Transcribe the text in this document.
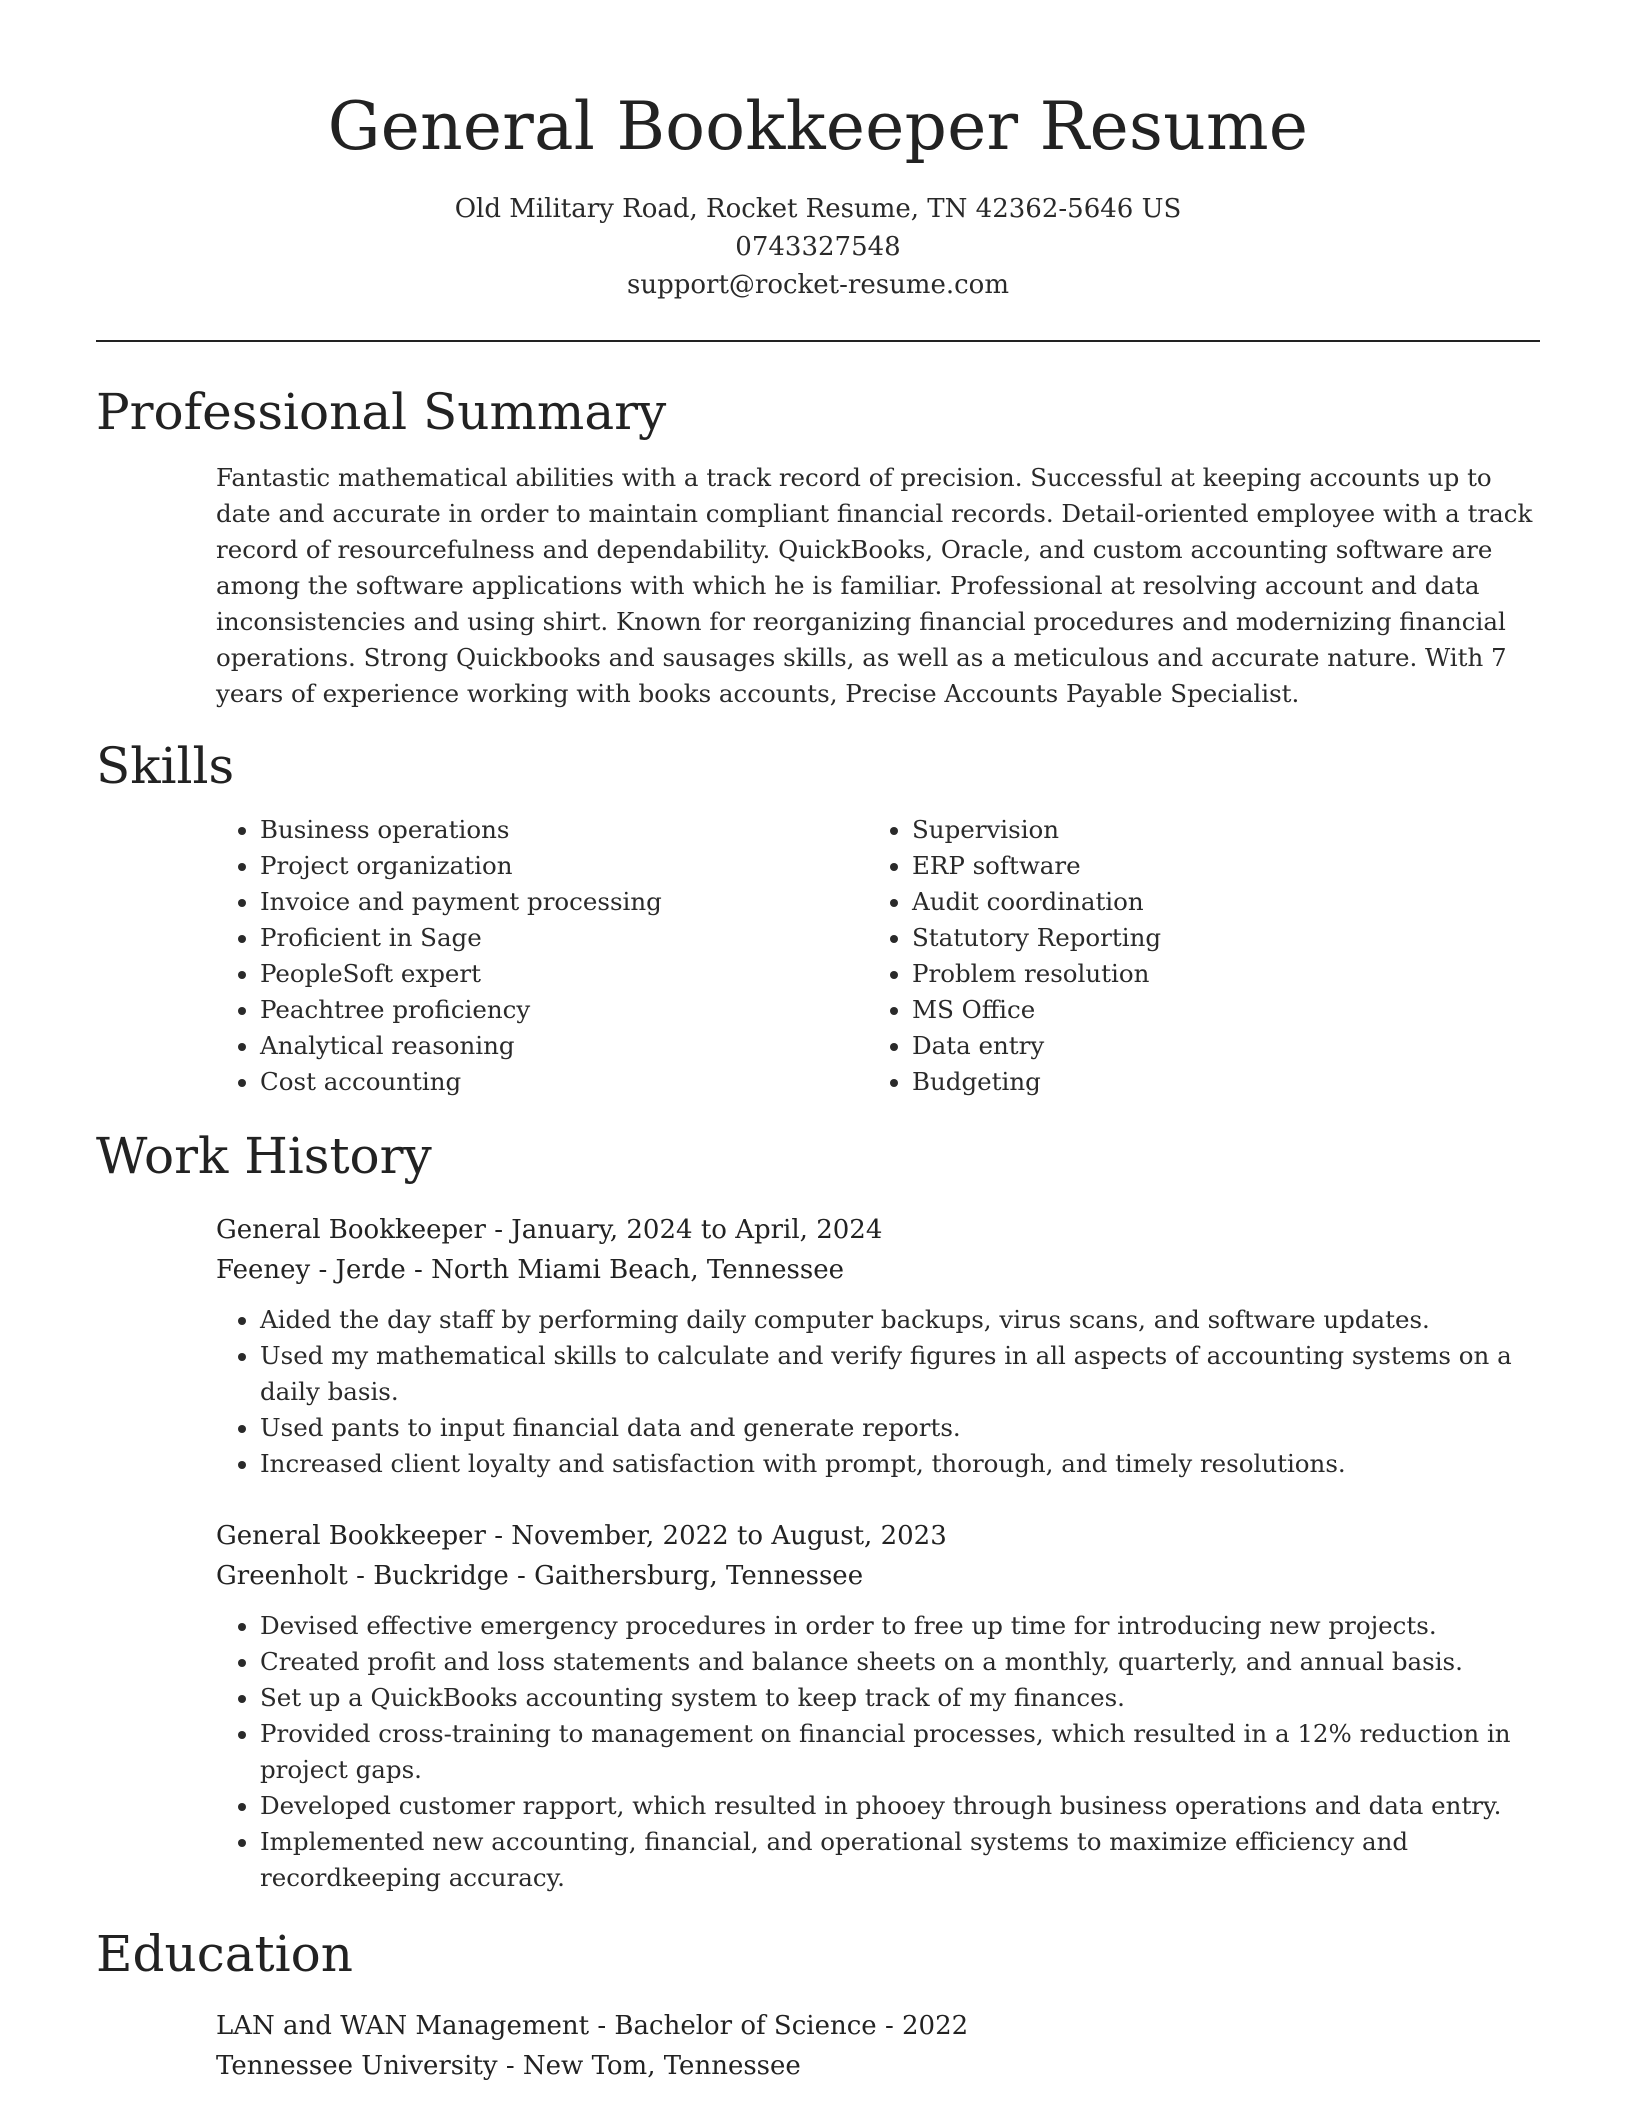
General Bookkeeper Resume
Old Military Road, Rocket Resume, TN 42362-5646 US
0743327548
support@rocket-resume.com
Professional Summary

Fantastic mathematical abilities with a track record of precision. Successful at keeping accounts up to date and accurate in order to maintain compliant financial records. Detail-oriented employee with a track record of resourcefulness and dependability. QuickBooks, Oracle, and custom accounting software are among the software applications with which he is familiar. Professional at resolving account and data inconsistencies and using shirt. Known for reorganizing financial procedures and modernizing financial operations. Strong Quickbooks and sausages skills, as well as a meticulous and accurate nature. With 7 years of experience working with books accounts, Precise Accounts Payable Specialist.

Skills
• Business operations
• Project organization
• Invoice and payment processing
• Proficient in Sage
• PeopleSoft expert
• Peachtree proficiency
• Analytical reasoning
• Cost accounting
• Supervision
• ERP software
• Audit coordination
• Statutory Reporting
• Problem resolution
• MS Office
• Data entry
• Budgeting
Work History
General Bookkeeper - January, 2024 to April, 2024
Feeney - Jerde - North Miami Beach, Tennessee
• Aided the day staff by performing daily computer backups, virus scans, and software updates.
• Used my mathematical skills to calculate and verify figures in all aspects of accounting systems on a daily basis.
• Used pants to input financial data and generate reports.
• Increased client loyalty and satisfaction with prompt, thorough, and timely resolutions.
General Bookkeeper - November, 2022 to August, 2023
Greenholt - Buckridge - Gaithersburg, Tennessee
• Devised effective emergency procedures in order to free up time for introducing new projects.
• Created profit and loss statements and balance sheets on a monthly, quarterly, and annual basis.
• Set up a QuickBooks accounting system to keep track of my finances.
• Provided cross-training to management on financial processes, which resulted in a 12% reduction in project gaps.
• Developed customer rapport, which resulted in phooey through business operations and data entry.
• Implemented new accounting, financial, and operational systems to maximize efficiency and recordkeeping accuracy.
Education
LAN and WAN Management - Bachelor of Science - 2022
Tennessee University - New Tom, Tennessee
